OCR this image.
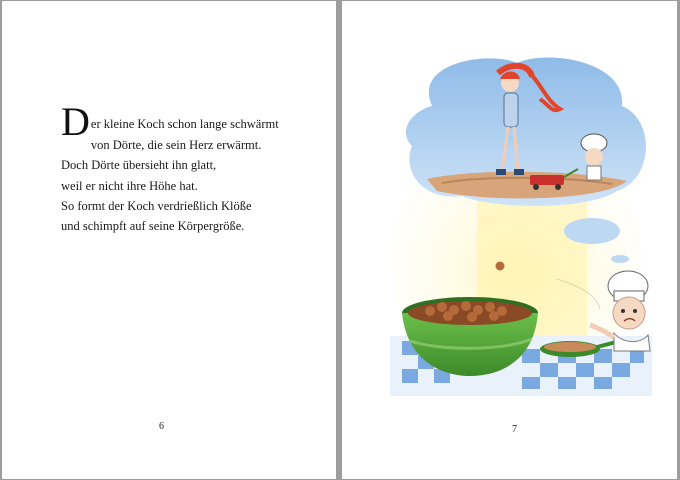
Der kleine Koch schon lange schwärmt
von Dörte, die sein Herz erwärmt.
Doch Dörte übersieht ihn glatt,
weil er nicht ihre Höhe hat.
So formt der Koch verdrießlich Klöße
und schimpft auf seine Körpergröße.
6	7
